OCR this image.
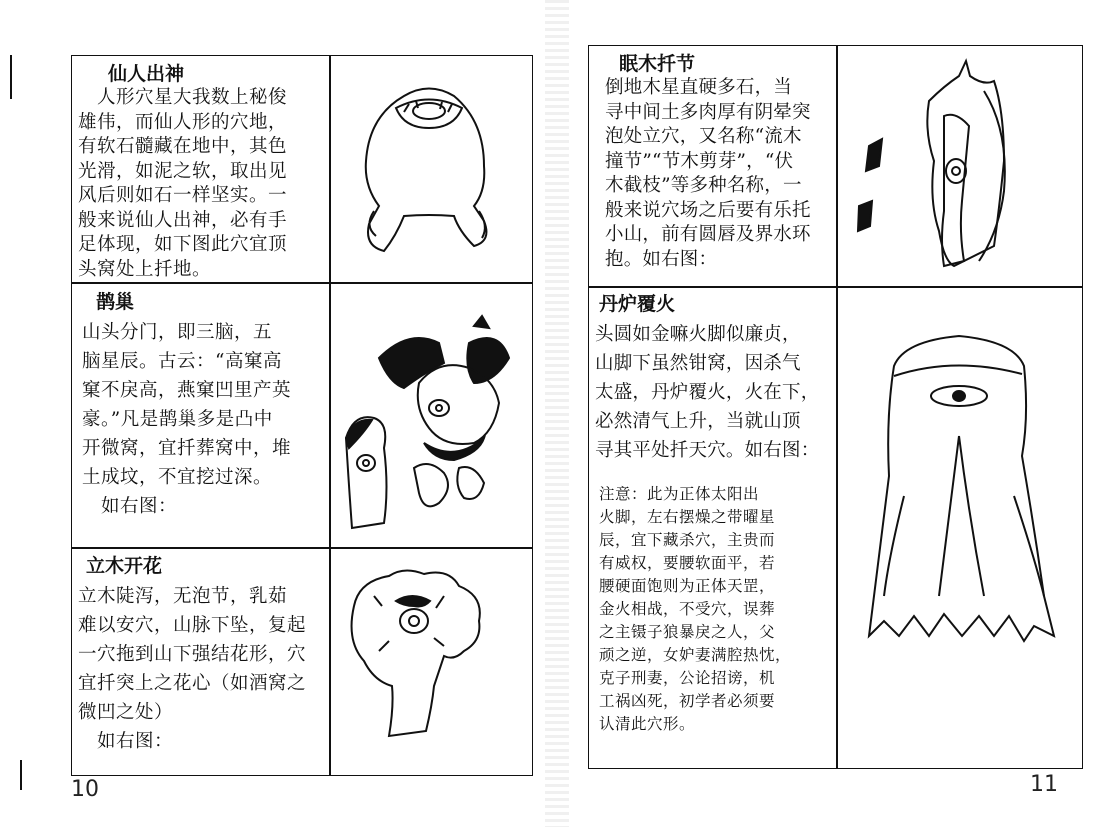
仙人出神

　人形穴星大我数上秘俊
雄伟，而仙人形的穴地，
有软石髓藏在地中，其色
光滑，如泥之软，取出见
风后则如石一样坚实。一
般来说仙人出神，必有手
足体现，如下图此穴宜顶
头窝处上扦地。

鹊巢

山头分门，即三脑，五
脑星辰。古云：“高窠高
窠不戾高，燕窠凹里产英
豪。”凡是鹊巢多是凸中
开微窝，宜扦葬窝中，堆
土成坟，不宜挖过深。
　如右图：

立木开花

立木陡泻，无泡节，乳茹
难以安穴，山脉下坠，复起
一穴拖到山下强结花形，穴
宜扦突上之花心（如酒窝之
微凹之处）
　如右图：

10

眠木扦节

倒地木星直硬多石，当
寻中间土多肉厚有阴晕突
泡处立穴，又名称“流木
撞节”“节木剪芽”，“伏
木截枝”等多种名称，一
般来说穴场之后要有乐托
小山，前有圆唇及界水环
抱。如右图：

丹炉覆火

头圆如金嘛火脚似廉贞，
山脚下虽然钳窝，因杀气
太盛，丹炉覆火，火在下，
必然清气上升，当就山顶
寻其平处扦天穴。如右图：

注意：此为正体太阳出
火脚，左右摆燥之带曜星
辰，宜下藏杀穴，主贵而
有威权，要腰软面平，若
腰硬面饱则为正体天罡，
金火相战，不受穴，误葬
之主镊子狼暴戾之人，父
顽之逆，女妒妻满腔热忱，
克子刑妻，公论招谤，机
工祸凶死，初学者必须要
认清此穴形。

11
